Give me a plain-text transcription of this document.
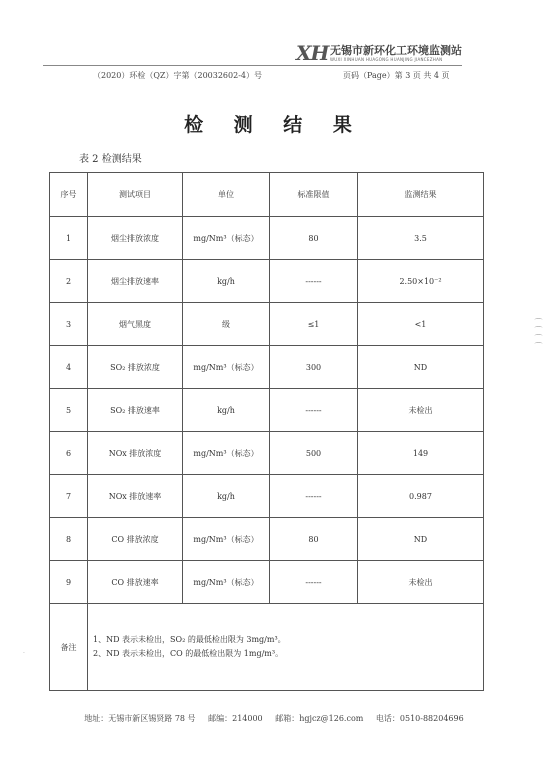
XH 无锡市新环化工环境监测站
WUXI XINHUAN HUAGONG HUANJING JIANCEZHAN
（2020）环检（QZ）字第（20032602-4）号	页码（Page）第 3 页 共 4 页
检 测 结 果
表 2 检测结果
序号	测试项目	单位	标准限值	监测结果
1	烟尘排放浓度	mg/Nm³（标态）	80	3.5
2	烟尘排放速率	kg/h	------	2.50×10⁻²
3	烟气黑度	级	≤1	<1
4	SO₂ 排放浓度	mg/Nm³（标态）	300	ND
5	SO₂ 排放速率	kg/h	------	未检出
6	NOx 排放浓度	mg/Nm³（标态）	500	149
7	NOx 排放速率	kg/h	------	0.987
8	CO 排放浓度	mg/Nm³（标态）	80	ND
9	CO 排放速率	mg/Nm³（标态）	------	未检出
备注	1、ND 表示未检出，SO₂ 的最低检出限为 3mg/m³。
2、ND 表示未检出，CO 的最低检出限为 1mg/m³。			
地址：无锡市新区锡贤路 78 号 邮编：214000 邮箱：hgjcz@126.com 电话：0510-88204696
⌒⌒⌒⌒
·
